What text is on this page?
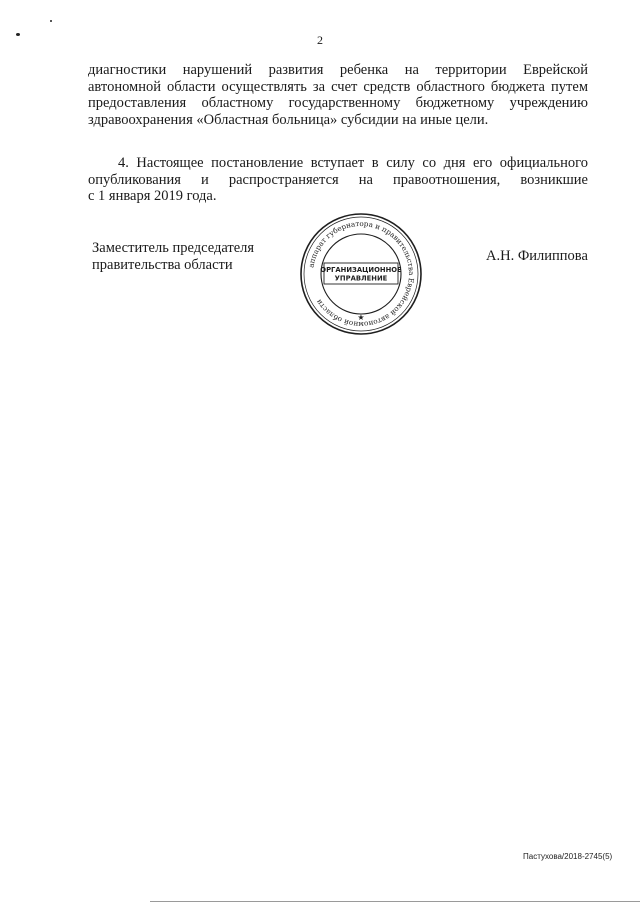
2
диагностики нарушений развития ребенка на территории Еврейской
автономной области осуществлять за счет средств областного бюджета путем
предоставления областному государственному бюджетному учреждению
здравоохранения «Областная больница» субсидии на иные цели.
4. Настоящее постановление вступает в силу со дня его официального
опубликования и распространяется на правоотношения, возникшие
с 1 января 2019 года.
Заместитель председателя
правительства области	аппарат губернатора и правительства Еврейской автономной области
ОРГАНИЗАЦИОННОЕ
УПРАВЛЕНИЕ
★
А.Н. Филиппова
Пастухова/2018-2745(5)
